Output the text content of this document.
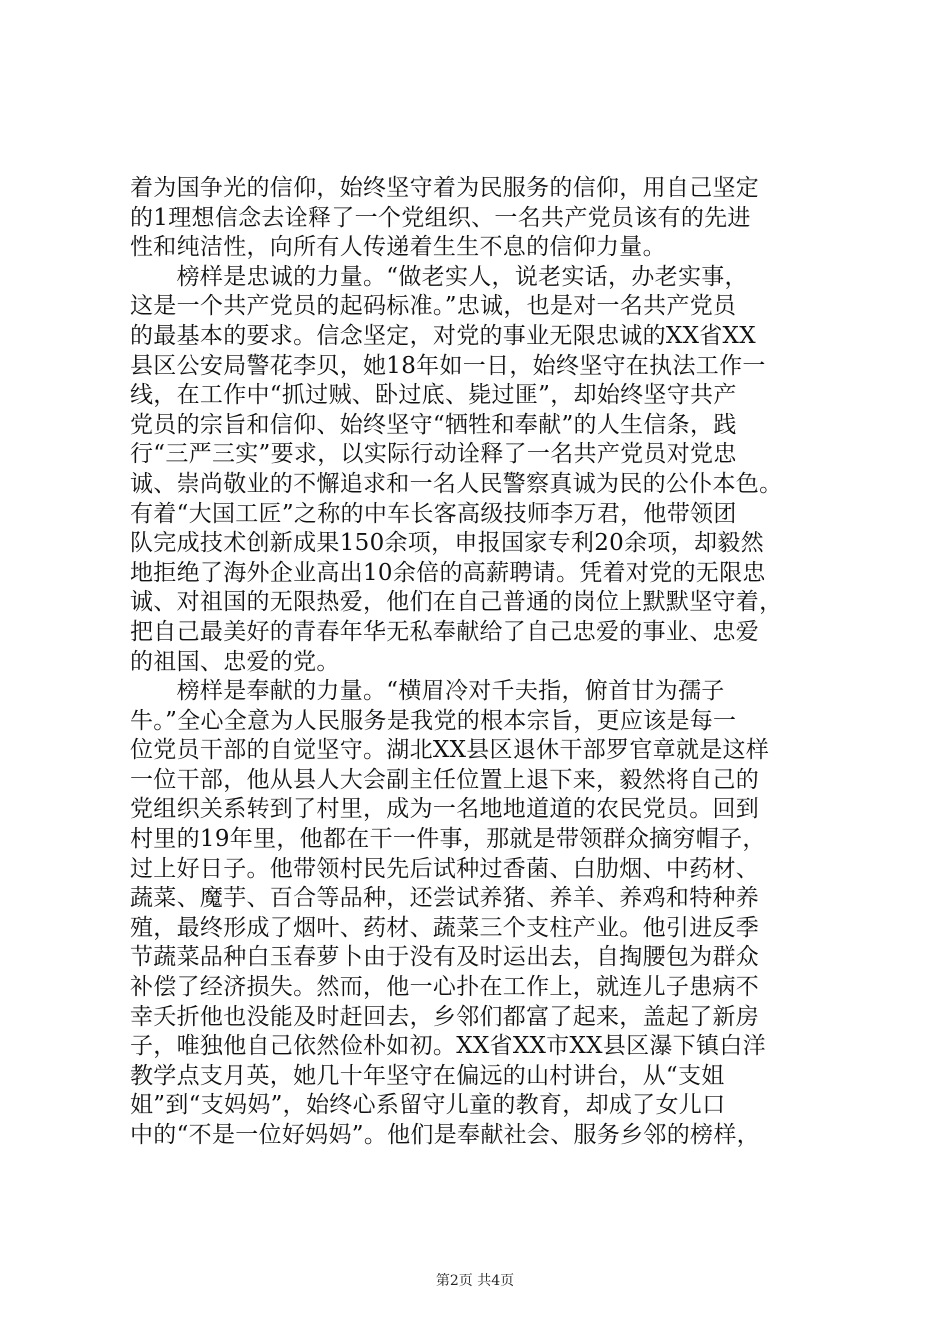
着为国争光的信仰，始终坚守着为民服务的信仰，用自己坚定
的1理想信念去诠释了一个党组织、一名共产党员该有的先进
性和纯洁性，向所有人传递着生生不息的信仰力量。
　　榜样是忠诚的力量。“做老实人，说老实话，办老实事，
这是一个共产党员的起码标准。”忠诚，也是对一名共产党员
的最基本的要求。信念坚定，对党的事业无限忠诚的XX省XX
县区公安局警花李贝，她18年如一日，始终坚守在执法工作一
线，在工作中“抓过贼、卧过底、毙过匪”，却始终坚守共产
党员的宗旨和信仰、始终坚守“牺牲和奉献”的人生信条，践
行“三严三实”要求，以实际行动诠释了一名共产党员对党忠
诚、崇尚敬业的不懈追求和一名人民警察真诚为民的公仆本色。
有着“大国工匠”之称的中车长客高级技师李万君，他带领团
队完成技术创新成果150余项，申报国家专利20余项，却毅然
地拒绝了海外企业高出10余倍的高薪聘请。凭着对党的无限忠
诚、对祖国的无限热爱，他们在自己普通的岗位上默默坚守着，
把自己最美好的青春年华无私奉献给了自己忠爱的事业、忠爱
的祖国、忠爱的党。
　　榜样是奉献的力量。“横眉冷对千夫指，俯首甘为孺子
牛。”全心全意为人民服务是我党的根本宗旨，更应该是每一
位党员干部的自觉坚守。湖北XX县区退休干部罗官章就是这样
一位干部，他从县人大会副主任位置上退下来，毅然将自己的
党组织关系转到了村里，成为一名地地道道的农民党员。回到
村里的19年里，他都在干一件事，那就是带领群众摘穷帽子，
过上好日子。他带领村民先后试种过香菌、白肋烟、中药材、
蔬菜、魔芋、百合等品种，还尝试养猪、养羊、养鸡和特种养
殖，最终形成了烟叶、药材、蔬菜三个支柱产业。他引进反季
节蔬菜品种白玉春萝卜由于没有及时运出去，自掏腰包为群众
补偿了经济损失。然而，他一心扑在工作上，就连儿子患病不
幸夭折他也没能及时赶回去，乡邻们都富了起来，盖起了新房
子，唯独他自己依然俭朴如初。XX省XX市XX县区瀑下镇白洋
教学点支月英，她几十年坚守在偏远的山村讲台，从“支姐
姐”到“支妈妈”，始终心系留守儿童的教育，却成了女儿口
中的“不是一位好妈妈”。他们是奉献社会、服务乡邻的榜样，
第2页 共4页
